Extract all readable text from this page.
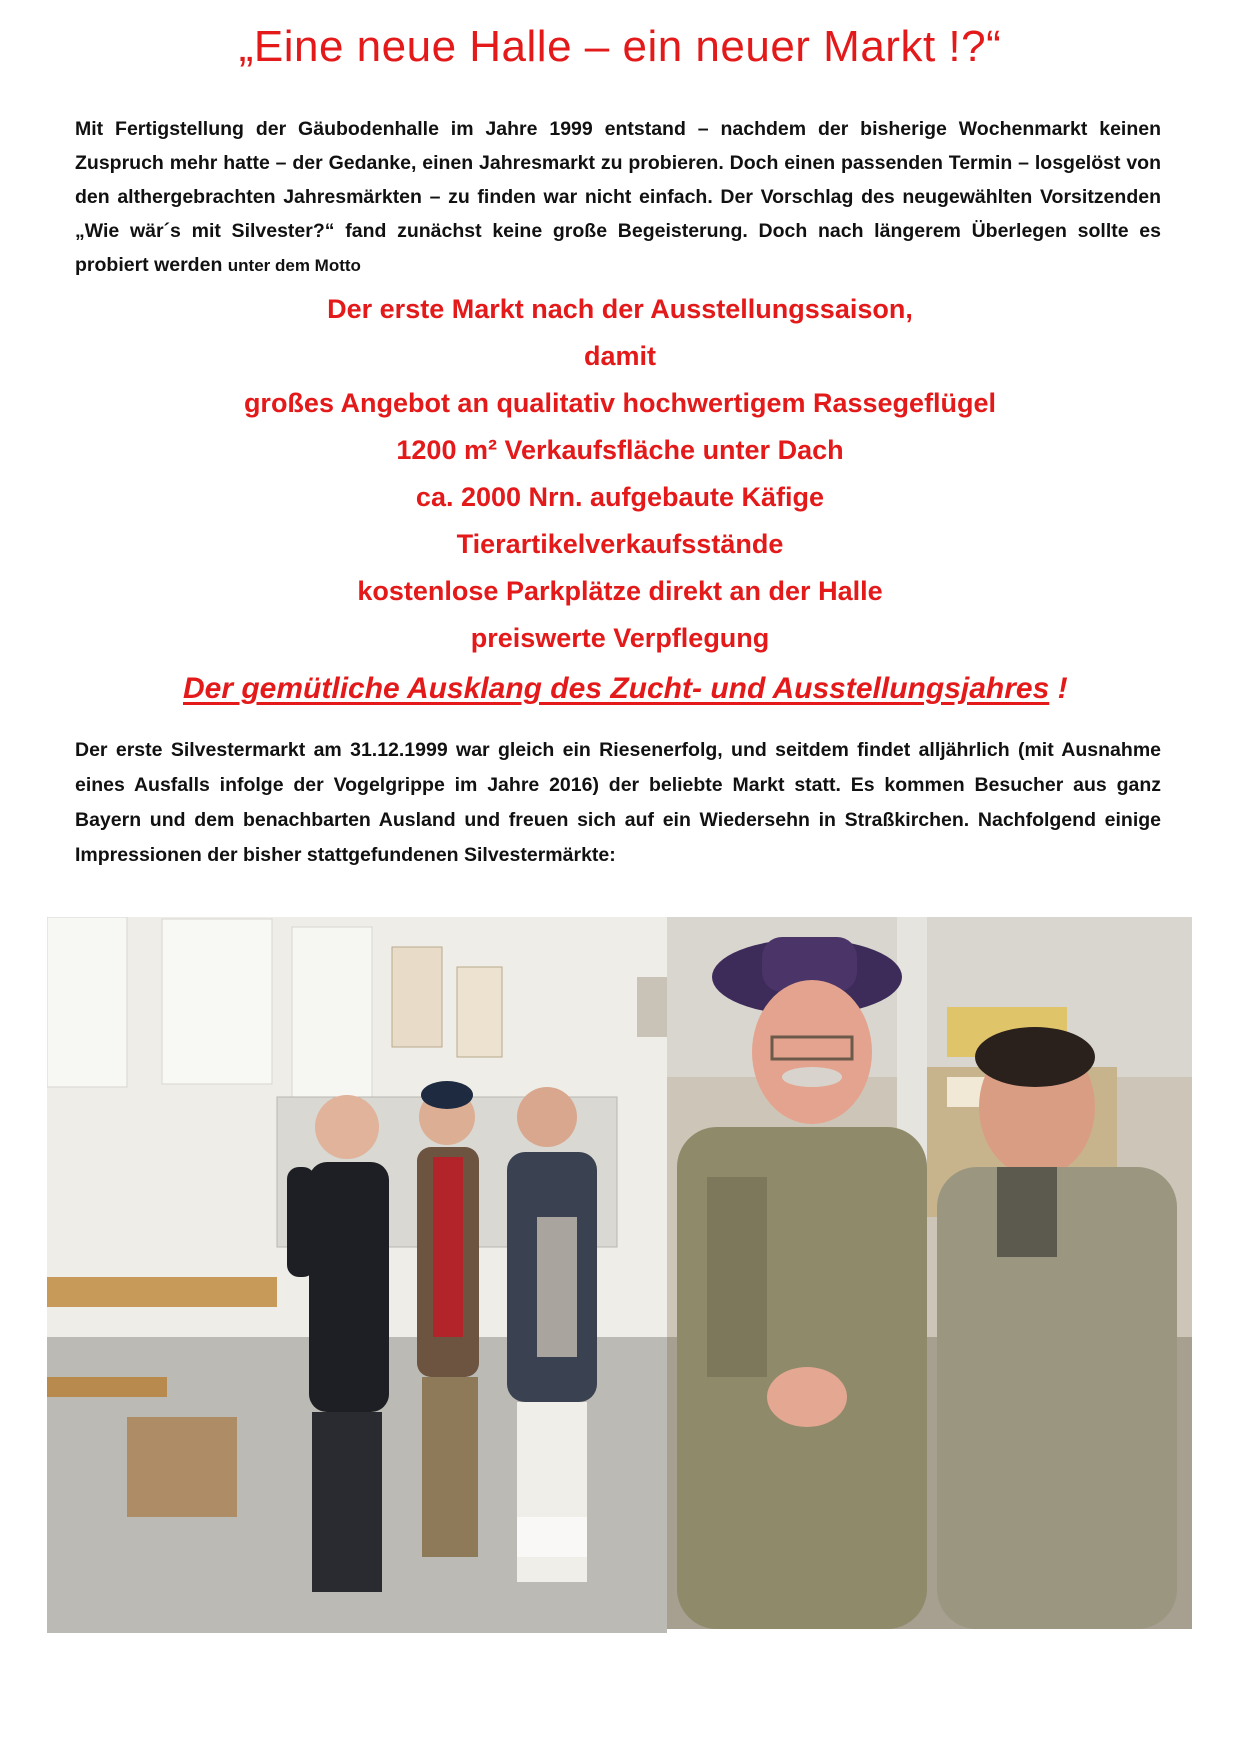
„Eine neue Halle – ein neuer Markt !?“

Mit Fertigstellung der Gäubodenhalle im Jahre 1999 entstand – nachdem der bisherige Wochenmarkt keinen Zuspruch mehr hatte – der Gedanke, einen Jahresmarkt zu probieren. Doch einen passenden Termin – losgelöst von den althergebrachten Jahresmärkten – zu finden war nicht einfach. Der Vorschlag des neugewählten Vorsitzenden „Wie wär´s mit Silvester?“ fand zunächst keine große Begeisterung. Doch nach längerem Überlegen sollte es probiert werden unter dem Motto

Der erste Markt nach der Ausstellungssaison,
damit
großes Angebot an qualitativ hochwertigem Rassegeflügel
1200 m² Verkaufsfläche unter Dach
ca. 2000 Nrn. aufgebaute Käfige
Tierartikelverkaufsstände
kostenlose Parkplätze direkt an der Halle
preiswerte Verpflegung

Der gemütliche Ausklang des Zucht- und Ausstellungsjahres !

Der erste Silvestermarkt am 31.12.1999 war gleich ein Riesenerfolg, und seitdem findet alljährlich (mit Ausnahme eines Ausfalls infolge der Vogelgrippe im Jahre 2016) der beliebte Markt statt. Es kommen Besucher aus ganz Bayern und dem benachbarten Ausland und freuen sich auf ein Wiedersehn in Straßkirchen. Nachfolgend einige Impressionen der bisher stattgefundenen Silvestermärkte:
